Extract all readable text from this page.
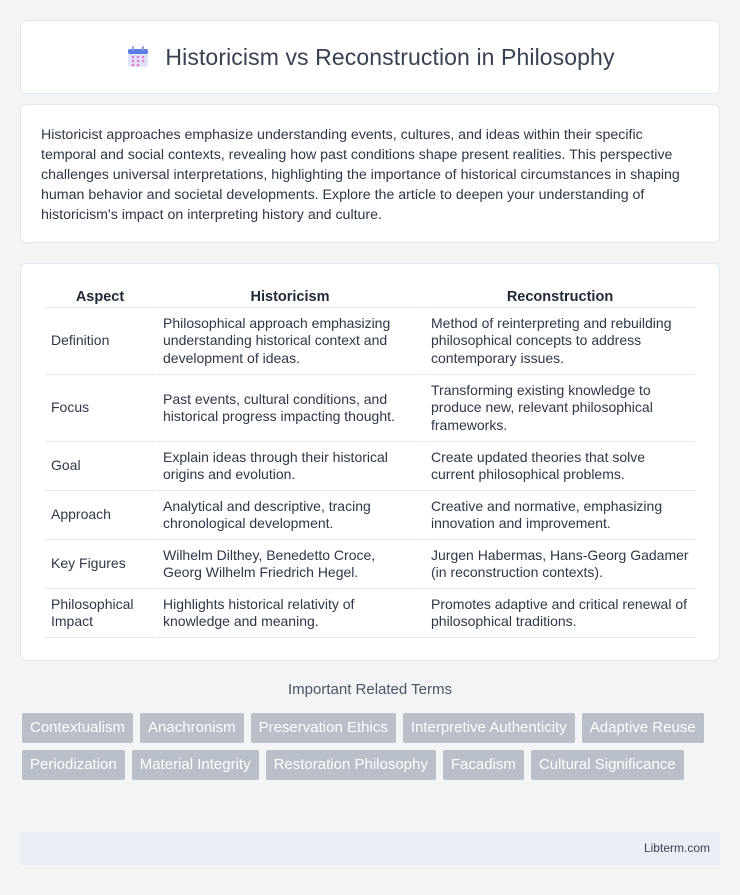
Historicism vs Reconstruction in Philosophy

Historicist approaches emphasize understanding events, cultures, and ideas within their specific temporal and social contexts, revealing how past conditions shape present realities. This perspective challenges universal interpretations, highlighting the importance of historical circumstances in shaping human behavior and societal developments. Explore the article to deepen your understanding of historicism's impact on interpreting history and culture.

Aspect	Historicism	Reconstruction
Definition	Philosophical approach emphasizing understanding historical context and development of ideas.	Method of reinterpreting and rebuilding philosophical concepts to address contemporary issues.
Focus	Past events, cultural conditions, and historical progress impacting thought.	Transforming existing knowledge to produce new, relevant philosophical frameworks.
Goal	Explain ideas through their historical origins and evolution.	Create updated theories that solve current philosophical problems.
Approach	Analytical and descriptive, tracing chronological development.	Creative and normative, emphasizing innovation and improvement.
Key Figures	Wilhelm Dilthey, Benedetto Croce, Georg Wilhelm Friedrich Hegel.	Jurgen Habermas, Hans-Georg Gadamer (in reconstruction contexts).
Philosophical Impact	Highlights historical relativity of knowledge and meaning.	Promotes adaptive and critical renewal of philosophical traditions.
Important Related Terms
Contextualism	Anachronism	Preservation Ethics	Interpretive Authenticity	Adaptive Reuse
Periodization	Material Integrity	Restoration Philosophy	Facadism	Cultural Significance
Libterm.com
